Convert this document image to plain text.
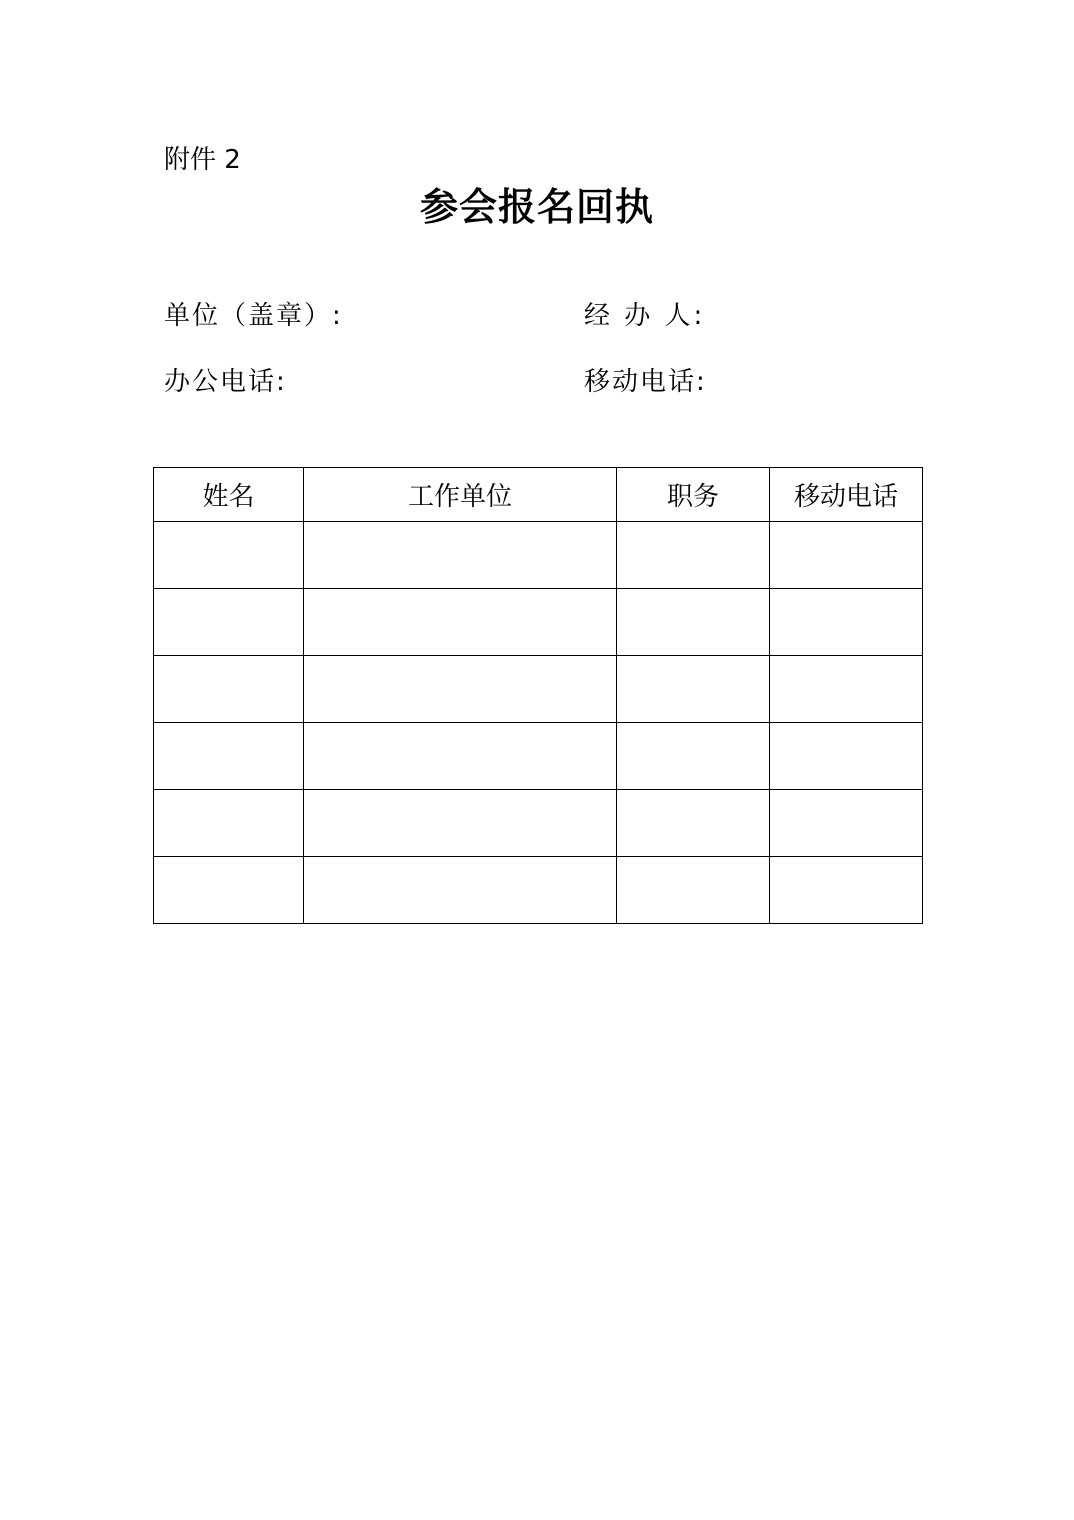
附件 2
参会报名回执
单位（盖章）:	经 办 人:
办公电话:	移动电话:
姓名	工作单位	职务	移动电话
